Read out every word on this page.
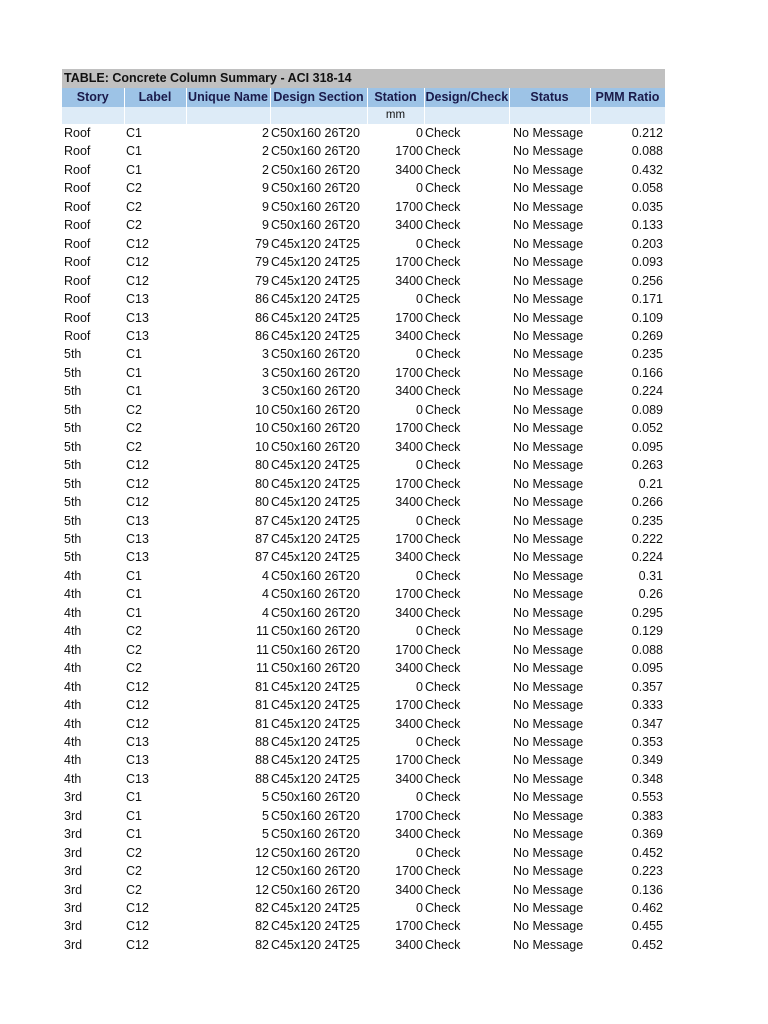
TABLE: Concrete Column Summary - ACI 318-14
Story	Label	Unique Name	Design Section	Station	Design/Check	Status	PMM Ratio
				mm			
Roof	C1	2	C50x160 26T20	0	Check	No Message	0.212
Roof	C1	2	C50x160 26T20	1700	Check	No Message	0.088
Roof	C1	2	C50x160 26T20	3400	Check	No Message	0.432
Roof	C2	9	C50x160 26T20	0	Check	No Message	0.058
Roof	C2	9	C50x160 26T20	1700	Check	No Message	0.035
Roof	C2	9	C50x160 26T20	3400	Check	No Message	0.133
Roof	C12	79	C45x120 24T25	0	Check	No Message	0.203
Roof	C12	79	C45x120 24T25	1700	Check	No Message	0.093
Roof	C12	79	C45x120 24T25	3400	Check	No Message	0.256
Roof	C13	86	C45x120 24T25	0	Check	No Message	0.171
Roof	C13	86	C45x120 24T25	1700	Check	No Message	0.109
Roof	C13	86	C45x120 24T25	3400	Check	No Message	0.269
5th	C1	3	C50x160 26T20	0	Check	No Message	0.235
5th	C1	3	C50x160 26T20	1700	Check	No Message	0.166
5th	C1	3	C50x160 26T20	3400	Check	No Message	0.224
5th	C2	10	C50x160 26T20	0	Check	No Message	0.089
5th	C2	10	C50x160 26T20	1700	Check	No Message	0.052
5th	C2	10	C50x160 26T20	3400	Check	No Message	0.095
5th	C12	80	C45x120 24T25	0	Check	No Message	0.263
5th	C12	80	C45x120 24T25	1700	Check	No Message	0.21
5th	C12	80	C45x120 24T25	3400	Check	No Message	0.266
5th	C13	87	C45x120 24T25	0	Check	No Message	0.235
5th	C13	87	C45x120 24T25	1700	Check	No Message	0.222
5th	C13	87	C45x120 24T25	3400	Check	No Message	0.224
4th	C1	4	C50x160 26T20	0	Check	No Message	0.31
4th	C1	4	C50x160 26T20	1700	Check	No Message	0.26
4th	C1	4	C50x160 26T20	3400	Check	No Message	0.295
4th	C2	11	C50x160 26T20	0	Check	No Message	0.129
4th	C2	11	C50x160 26T20	1700	Check	No Message	0.088
4th	C2	11	C50x160 26T20	3400	Check	No Message	0.095
4th	C12	81	C45x120 24T25	0	Check	No Message	0.357
4th	C12	81	C45x120 24T25	1700	Check	No Message	0.333
4th	C12	81	C45x120 24T25	3400	Check	No Message	0.347
4th	C13	88	C45x120 24T25	0	Check	No Message	0.353
4th	C13	88	C45x120 24T25	1700	Check	No Message	0.349
4th	C13	88	C45x120 24T25	3400	Check	No Message	0.348
3rd	C1	5	C50x160 26T20	0	Check	No Message	0.553
3rd	C1	5	C50x160 26T20	1700	Check	No Message	0.383
3rd	C1	5	C50x160 26T20	3400	Check	No Message	0.369
3rd	C2	12	C50x160 26T20	0	Check	No Message	0.452
3rd	C2	12	C50x160 26T20	1700	Check	No Message	0.223
3rd	C2	12	C50x160 26T20	3400	Check	No Message	0.136
3rd	C12	82	C45x120 24T25	0	Check	No Message	0.462
3rd	C12	82	C45x120 24T25	1700	Check	No Message	0.455
3rd	C12	82	C45x120 24T25	3400	Check	No Message	0.452
